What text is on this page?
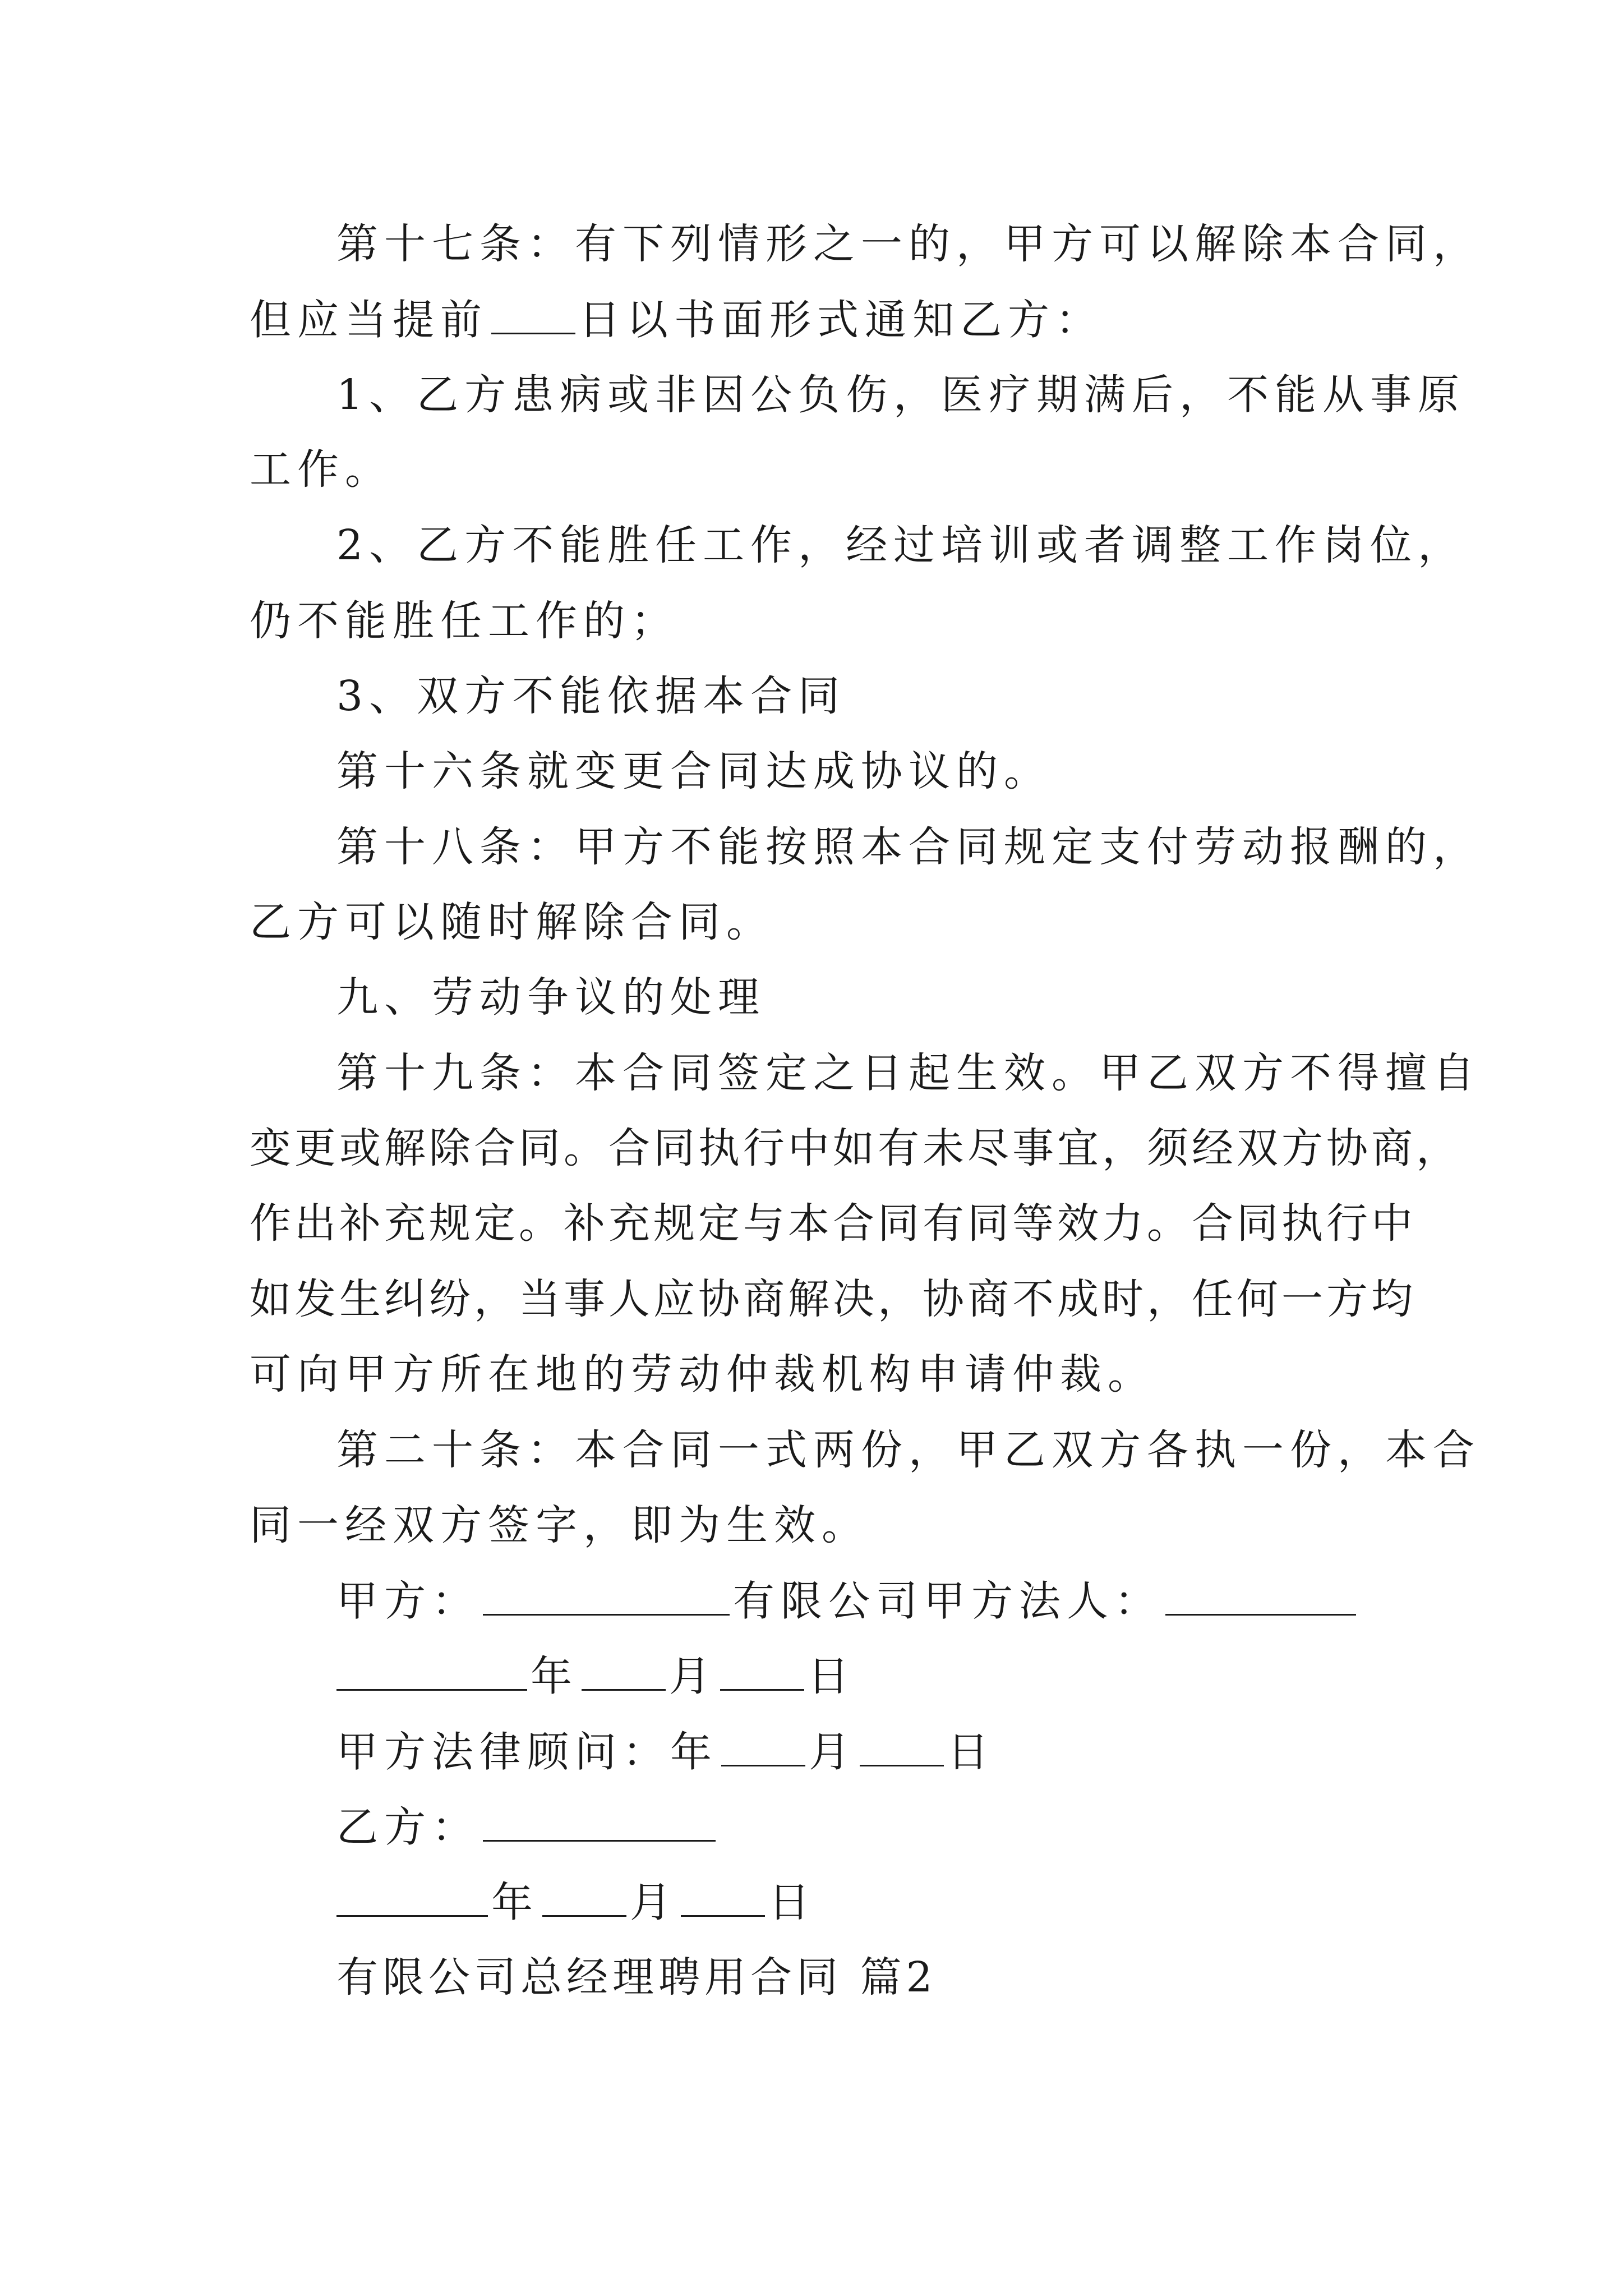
第十七条：有下列情形之一的，甲方可以解除本合同，
但应当提前 日以书面形式通知乙方：
1、乙方患病或非因公负伤，医疗期满后，不能从事原
工作。
2、乙方不能胜任工作，经过培训或者调整工作岗位，
仍不能胜任工作的；
3、双方不能依据本合同
第十六条就变更合同达成协议的。
第十八条：甲方不能按照本合同规定支付劳动报酬的，
乙方可以随时解除合同。
九、劳动争议的处理
第十九条：本合同签定之日起生效。甲乙双方不得擅自
变更或解除合同。合同执行中如有未尽事宜，须经双方协商，
作出补充规定。补充规定与本合同有同等效力。合同执行中
如发生纠纷，当事人应协商解决，协商不成时，任何一方均
可向甲方所在地的劳动仲裁机构申请仲裁。
第二十条：本合同一式两份，甲乙双方各执一份，本合
同一经双方签字，即为生效。
甲方：	有限公司甲方法人：
年 月 日
甲方法律顾问：年 月 日
乙方：
年 月 日
有限公司总经理聘用合同 篇2
